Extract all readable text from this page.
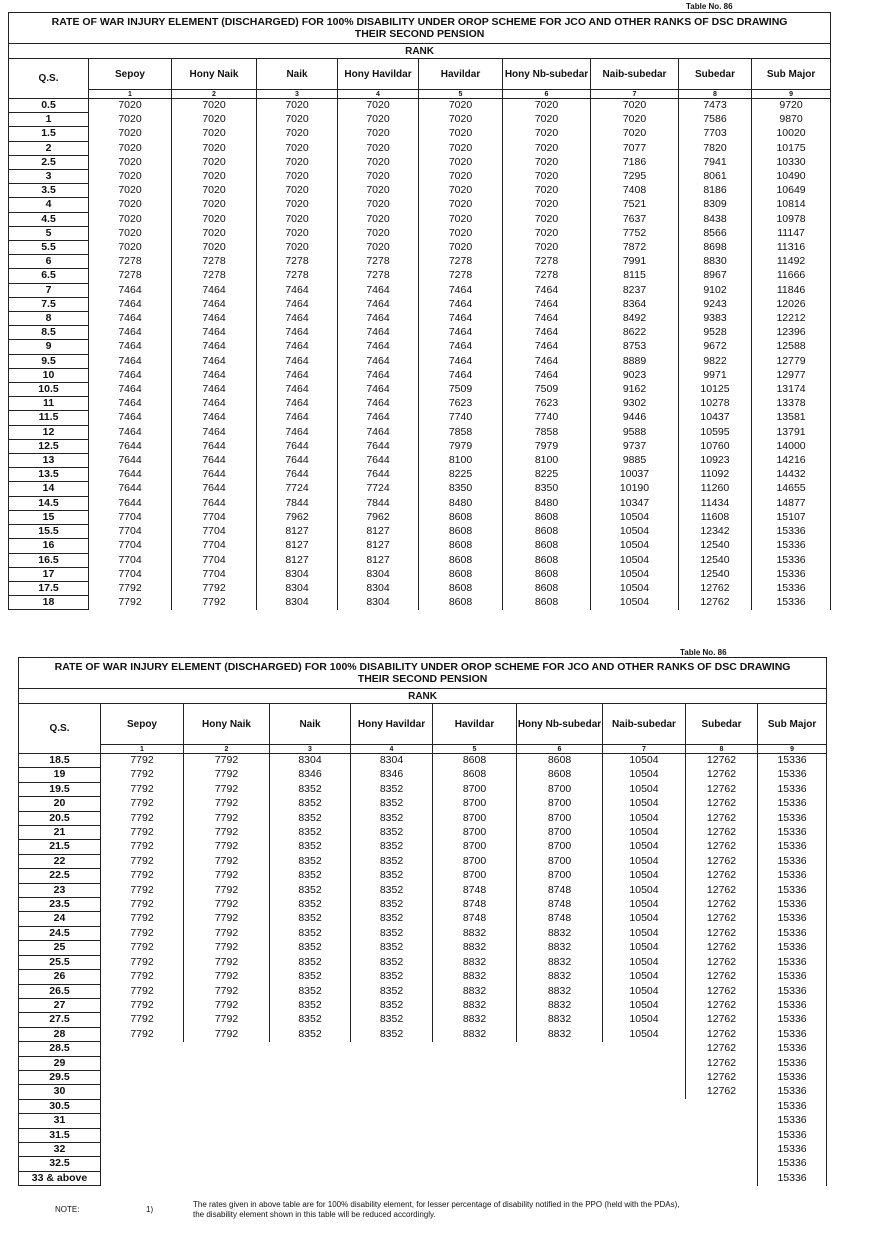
Table No. 86
RATE OF WAR INJURY ELEMENT (DISCHARGED) FOR 100% DISABILITY UNDER OROP SCHEME FOR JCO AND OTHER RANKS OF DSC DRAWING
THEIR SECOND PENSION									
RANK									
Q.S.	Sepoy	Hony Naik	Naik	Hony Havildar	Havildar	Hony Nb-subedar	Naib-subedar	Subedar	Sub Major
	1	2	3	4	5	6	7	8	9
0.5	7020	7020	7020	7020	7020	7020	7020	7473	9720
1	7020	7020	7020	7020	7020	7020	7020	7586	9870
1.5	7020	7020	7020	7020	7020	7020	7020	7703	10020
2	7020	7020	7020	7020	7020	7020	7077	7820	10175
2.5	7020	7020	7020	7020	7020	7020	7186	7941	10330
3	7020	7020	7020	7020	7020	7020	7295	8061	10490
3.5	7020	7020	7020	7020	7020	7020	7408	8186	10649
4	7020	7020	7020	7020	7020	7020	7521	8309	10814
4.5	7020	7020	7020	7020	7020	7020	7637	8438	10978
5	7020	7020	7020	7020	7020	7020	7752	8566	11147
5.5	7020	7020	7020	7020	7020	7020	7872	8698	11316
6	7278	7278	7278	7278	7278	7278	7991	8830	11492
6.5	7278	7278	7278	7278	7278	7278	8115	8967	11666
7	7464	7464	7464	7464	7464	7464	8237	9102	11846
7.5	7464	7464	7464	7464	7464	7464	8364	9243	12026
8	7464	7464	7464	7464	7464	7464	8492	9383	12212
8.5	7464	7464	7464	7464	7464	7464	8622	9528	12396
9	7464	7464	7464	7464	7464	7464	8753	9672	12588
9.5	7464	7464	7464	7464	7464	7464	8889	9822	12779
10	7464	7464	7464	7464	7464	7464	9023	9971	12977
10.5	7464	7464	7464	7464	7509	7509	9162	10125	13174
11	7464	7464	7464	7464	7623	7623	9302	10278	13378
11.5	7464	7464	7464	7464	7740	7740	9446	10437	13581
12	7464	7464	7464	7464	7858	7858	9588	10595	13791
12.5	7644	7644	7644	7644	7979	7979	9737	10760	14000
13	7644	7644	7644	7644	8100	8100	9885	10923	14216
13.5	7644	7644	7644	7644	8225	8225	10037	11092	14432
14	7644	7644	7724	7724	8350	8350	10190	11260	14655
14.5	7644	7644	7844	7844	8480	8480	10347	11434	14877
15	7704	7704	7962	7962	8608	8608	10504	11608	15107
15.5	7704	7704	8127	8127	8608	8608	10504	12342	15336
16	7704	7704	8127	8127	8608	8608	10504	12540	15336
16.5	7704	7704	8127	8127	8608	8608	10504	12540	15336
17	7704	7704	8304	8304	8608	8608	10504	12540	15336
17.5	7792	7792	8304	8304	8608	8608	10504	12762	15336
18	7792	7792	8304	8304	8608	8608	10504	12762	15336
Table No. 86
RATE OF WAR INJURY ELEMENT (DISCHARGED) FOR 100% DISABILITY UNDER OROP SCHEME FOR JCO AND OTHER RANKS OF DSC DRAWING
THEIR SECOND PENSION									
RANK									
Q.S.	Sepoy	Hony Naik	Naik	Hony Havildar	Havildar	Hony Nb-subedar	Naib-subedar	Subedar	Sub Major
	1	2	3	4	5	6	7	8	9
18.5	7792	7792	8304	8304	8608	8608	10504	12762	15336
19	7792	7792	8346	8346	8608	8608	10504	12762	15336
19.5	7792	7792	8352	8352	8700	8700	10504	12762	15336
20	7792	7792	8352	8352	8700	8700	10504	12762	15336
20.5	7792	7792	8352	8352	8700	8700	10504	12762	15336
21	7792	7792	8352	8352	8700	8700	10504	12762	15336
21.5	7792	7792	8352	8352	8700	8700	10504	12762	15336
22	7792	7792	8352	8352	8700	8700	10504	12762	15336
22.5	7792	7792	8352	8352	8700	8700	10504	12762	15336
23	7792	7792	8352	8352	8748	8748	10504	12762	15336
23.5	7792	7792	8352	8352	8748	8748	10504	12762	15336
24	7792	7792	8352	8352	8748	8748	10504	12762	15336
24.5	7792	7792	8352	8352	8832	8832	10504	12762	15336
25	7792	7792	8352	8352	8832	8832	10504	12762	15336
25.5	7792	7792	8352	8352	8832	8832	10504	12762	15336
26	7792	7792	8352	8352	8832	8832	10504	12762	15336
26.5	7792	7792	8352	8352	8832	8832	10504	12762	15336
27	7792	7792	8352	8352	8832	8832	10504	12762	15336
27.5	7792	7792	8352	8352	8832	8832	10504	12762	15336
28	7792	7792	8352	8352	8832	8832	10504	12762	15336
28.5								12762	15336
29								12762	15336
29.5								12762	15336
30								12762	15336
30.5									15336
31									15336
31.5									15336
32									15336
32.5									15336
33 & above									15336
NOTE:	1)
The rates given in above table are for 100% disability element, for lesser percentage of disability notified in the PPO (held with the PDAs),
the disability element shown in this table will be reduced accordingly.
